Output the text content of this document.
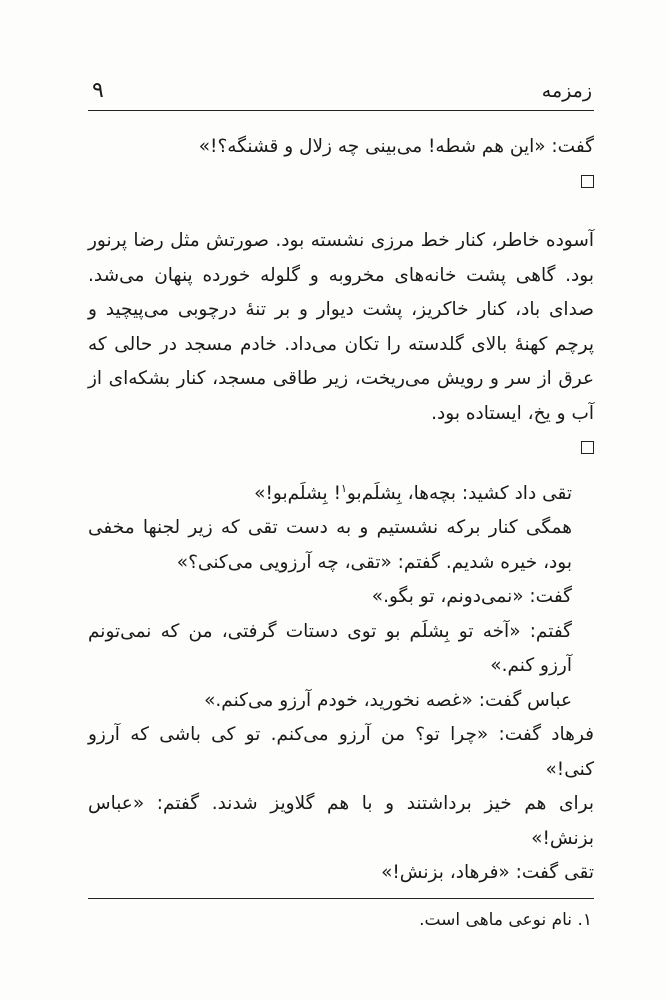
۹	زمزمه

گفت: «این هم شطه! می‌بینی چه زلال و قشنگه؟!»

آسوده خاطر، کنار خط مرزی نشسته بود. صورتش مثل رضا پرنور بود. گاهی پشت خانه‌های مخروبه و گلوله خورده پنهان می‌شد. صدای باد، کنار خاکریز، پشت دیوار و بر تنهٔ درچوبی می‌پیچید و پرچم کهنهٔ بالای گلدسته را تکان می‌داد. خادم مسجد در حالی که عرق از سر و رویش می‌ریخت، زیر طاقی مسجد، کنار بشکه‌ای از آب و یخ، ایستاده بود.

تقی داد کشید: بچه‌ها، بِشلَم‌بو$^۱$! بِشلَم‌بو!»

همگی کنار برکه نشستیم و به دست تقی که زیر لجنها مخفی بود، خیره شدیم. گفتم: «تقی، چه آرزویی می‌کنی؟»

گفت: «نمی‌دونم، تو بگو.»

گفتم: «آخه تو بِشلَم بو توی دستات گرفتی، من که نمی‌تونم آرزو کنم.»

عباس گفت: «غصه نخورید، خودم آرزو می‌کنم.»

فرهاد گفت: «چرا تو؟ من آرزو می‌کنم. تو کی باشی که آرزو کنی!»

برای هم خیز برداشتند و با هم گلاویز شدند. گفتم: «عباس بزنش!»

تقی گفت: «فرهاد، بزنش!»

۱. نام نوعی ماهی است.
